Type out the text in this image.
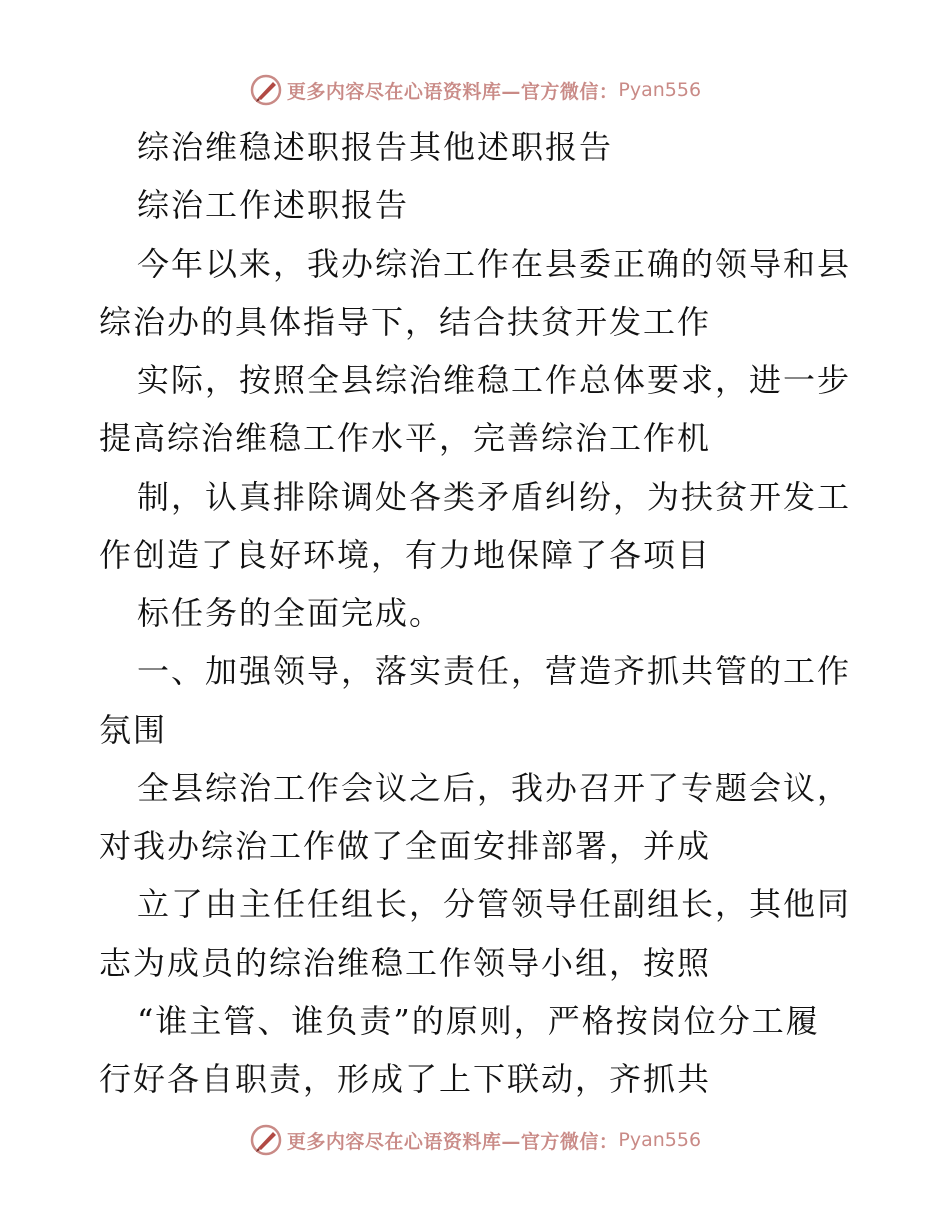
更多内容尽在心语资料库—官方微信： Pyan556
综治维稳述职报告其他述职报告
综治工作述职报告
今年以来，我办综治工作在县委正确的领导和县
综治办的具体指导下，结合扶贫开发工作
实际，按照全县综治维稳工作总体要求，进一步
提高综治维稳工作水平，完善综治工作机
制，认真排除调处各类矛盾纠纷，为扶贫开发工
作创造了良好环境，有力地保障了各项目
标任务的全面完成。
一、加强领导，落实责任，营造齐抓共管的工作
氛围
全县综治工作会议之后，我办召开了专题会议，
对我办综治工作做了全面安排部署，并成
立了由主任任组长，分管领导任副组长，其他同
志为成员的综治维稳工作领导小组，按照
“谁主管、谁负责”的原则，严格按岗位分工履
行好各自职责，形成了上下联动，齐抓共
更多内容尽在心语资料库—官方微信： Pyan556
